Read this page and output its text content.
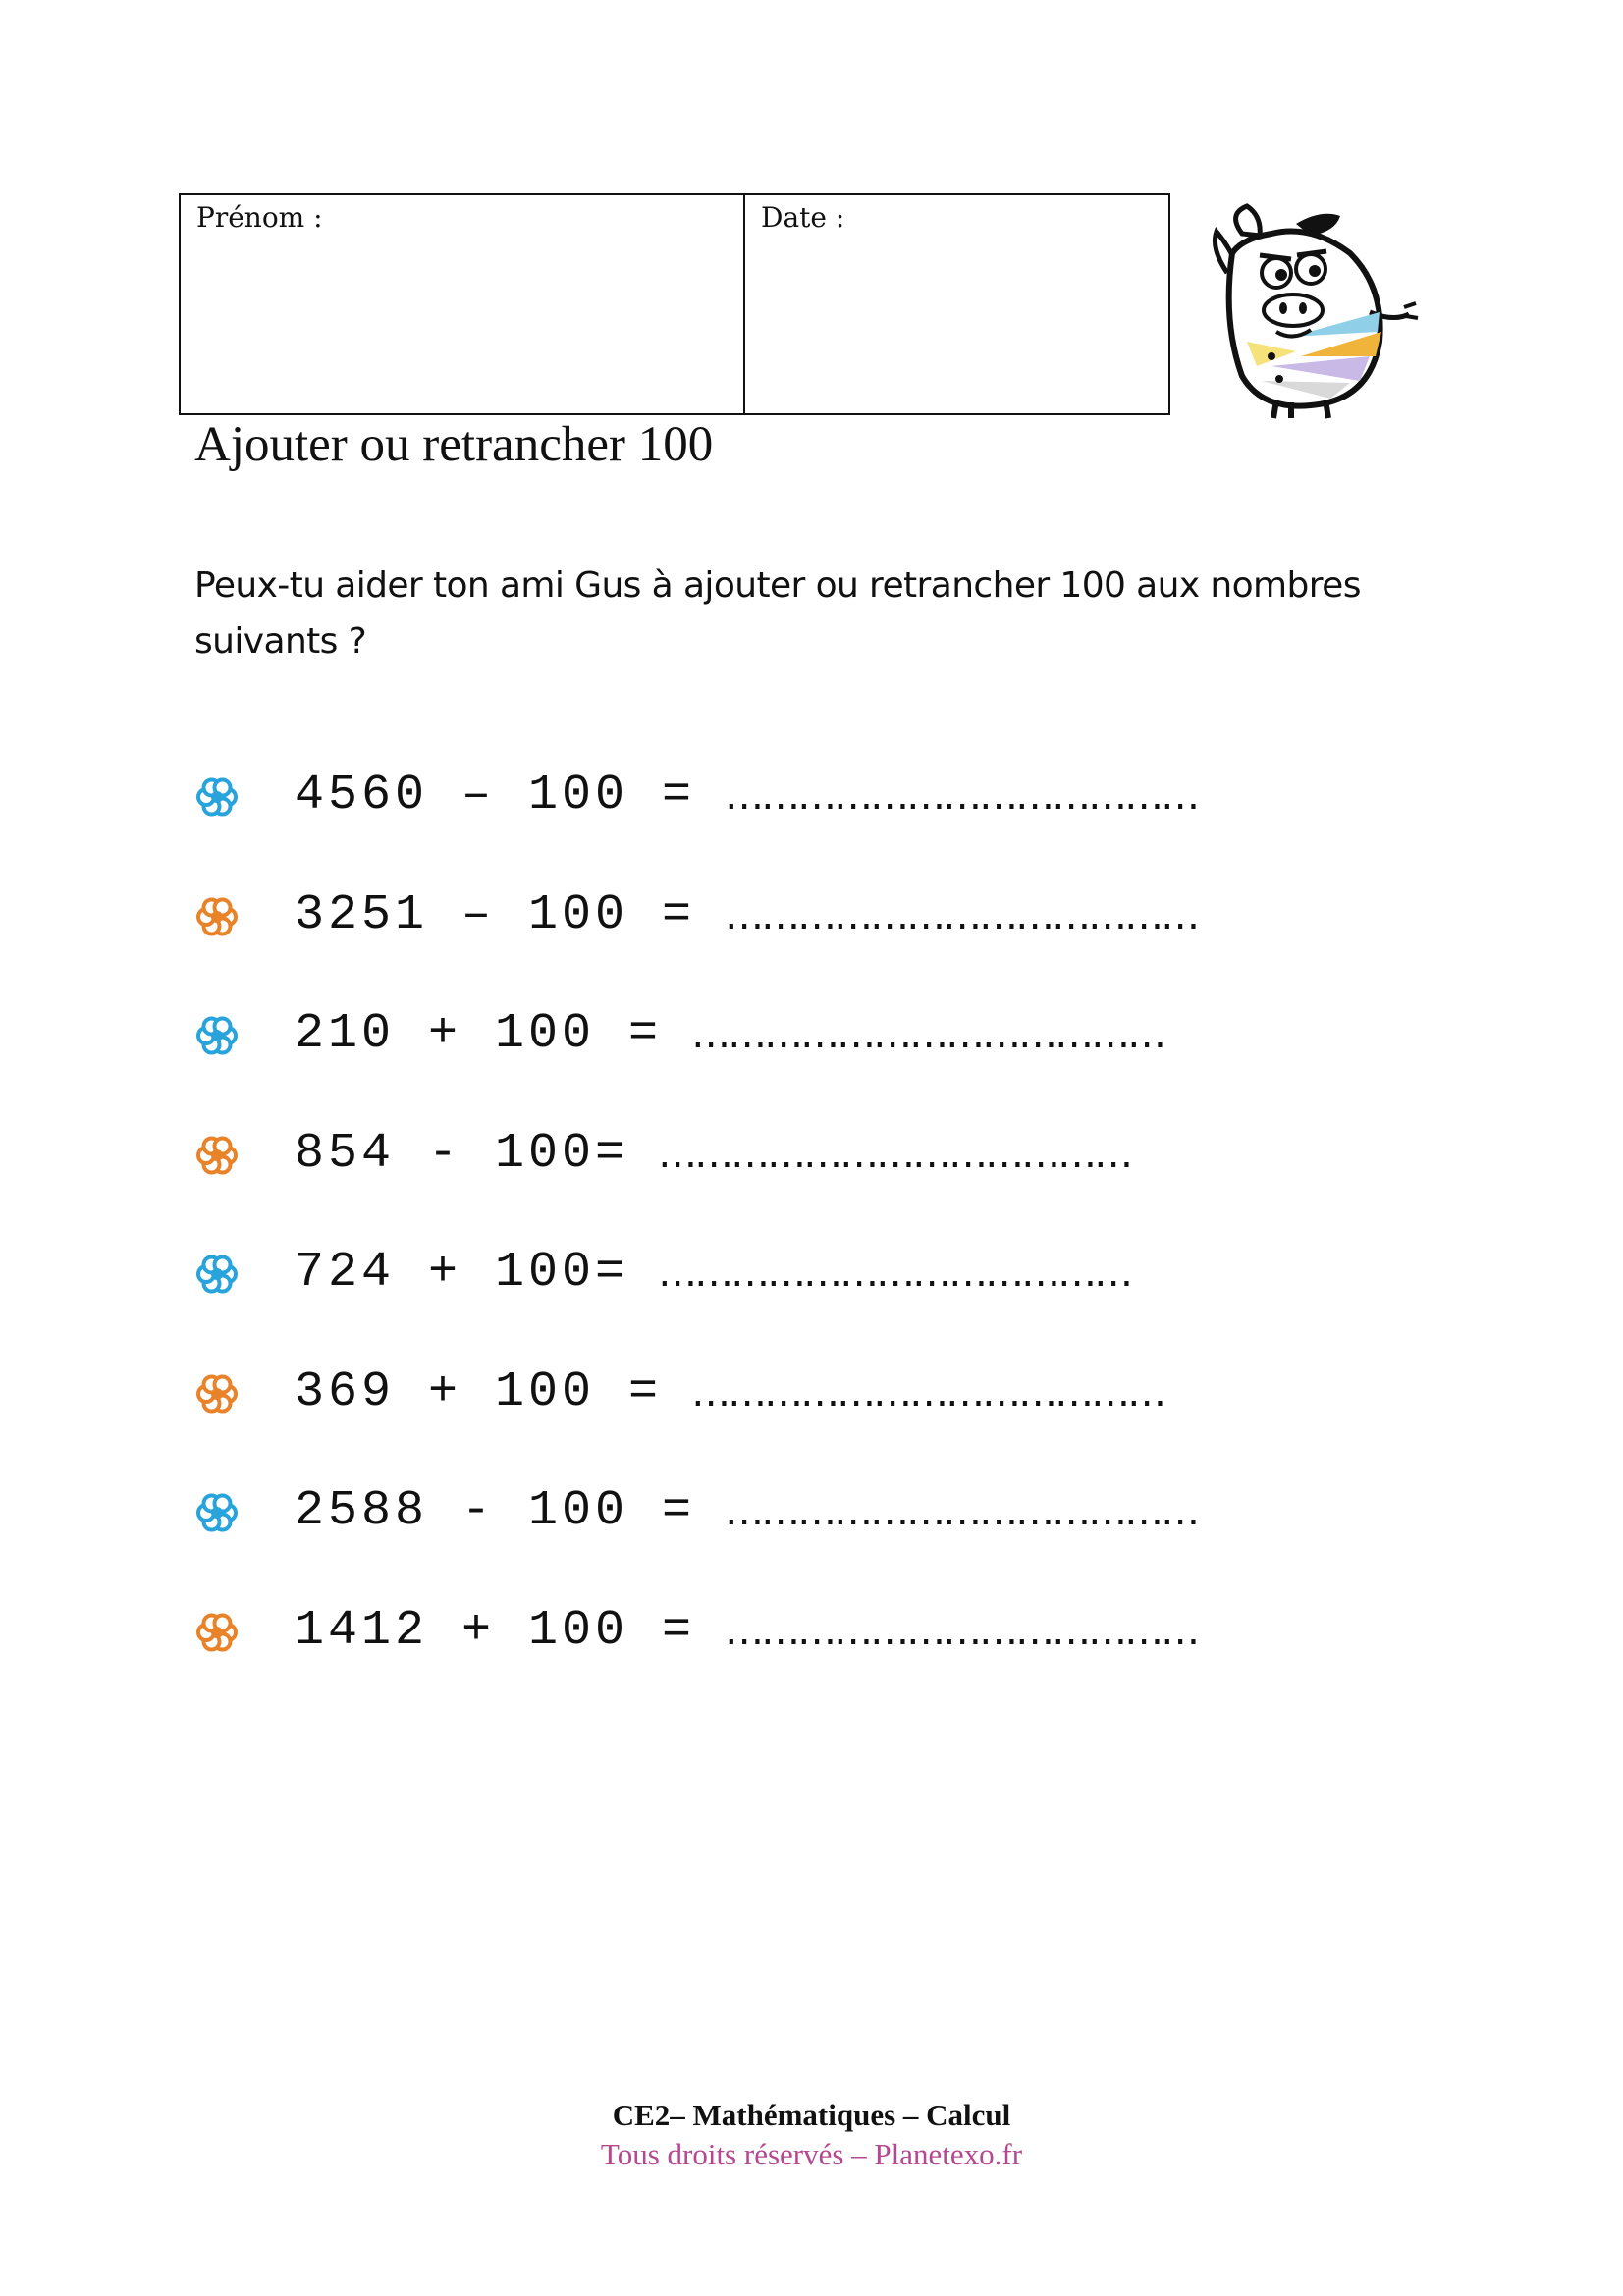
Prénom :	Date :
Ajouter ou retrancher 100

Peux-tu aider ton ami Gus à ajouter ou retrancher 100 aux nombres suivants ?

4560 – 100 = …………………………………
3251 – 100 = …………………………………
210 + 100 = …………………………………
854 - 100= …………………………………
724 + 100= …………………………………
369 + 100 = …………………………………
2588 - 100 = …………………………………
1412 + 100 = …………………………………
CE2– Mathématiques – Calcul
Tous droits réservés – Planetexo.fr
